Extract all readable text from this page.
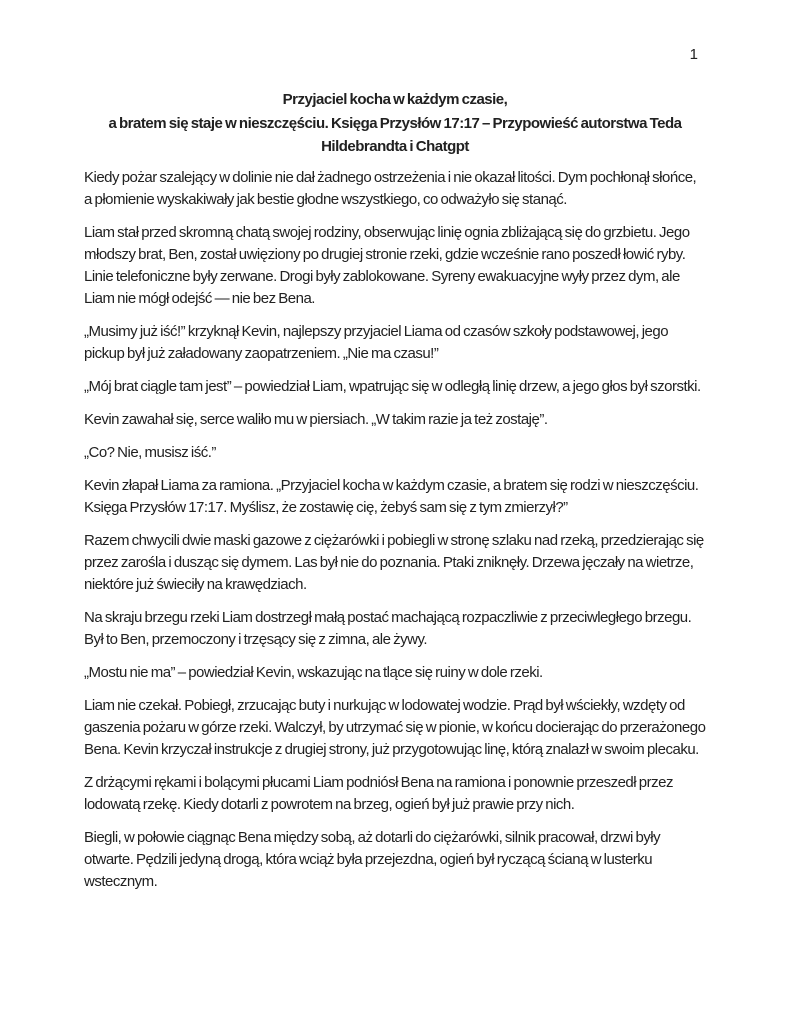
1
Przyjaciel kocha w każdym czasie,
a bratem się staje w nieszczęściu. Księga Przysłów 17:17 – Przypowieść autorstwa Teda
Hildebrandta i Chatgpt

Kiedy pożar szalejący w dolinie nie dał żadnego ostrzeżenia i nie okazał litości. Dym pochłonął słońce, a płomienie wyskakiwały jak bestie głodne wszystkiego, co odważyło się stanąć.

Liam stał przed skromną chatą swojej rodziny, obserwując linię ognia zbliżającą się do grzbietu. Jego młodszy brat, Ben, został uwięziony po drugiej stronie rzeki, gdzie wcześnie rano poszedł łowić ryby. Linie telefoniczne były zerwane. Drogi były zablokowane. Syreny ewakuacyjne wyły przez dym, ale Liam nie mógł odejść — nie bez Bena.

„Musimy już iść!” krzyknął Kevin, najlepszy przyjaciel Liama od czasów szkoły podstawowej, jego pickup był już załadowany zaopatrzeniem. „Nie ma czasu!”

„Mój brat ciągle tam jest” – powiedział Liam, wpatrując się w odległą linię drzew, a jego głos był szorstki.

Kevin zawahał się, serce waliło mu w piersiach. „W takim razie ja też zostaję”.

„Co? Nie, musisz iść.”

Kevin złapał Liama za ramiona. „Przyjaciel kocha w każdym czasie, a bratem się rodzi w nieszczęściu. Księga Przysłów 17:17. Myślisz, że zostawię cię, żebyś sam się z tym zmierzył?”

Razem chwycili dwie maski gazowe z ciężarówki i pobiegli w stronę szlaku nad rzeką, przedzierając się przez zarośla i dusząc się dymem. Las był nie do poznania. Ptaki zniknęły. Drzewa jęczały na wietrze, niektóre już świeciły na krawędziach.

Na skraju brzegu rzeki Liam dostrzegł małą postać machającą rozpaczliwie z przeciwległego brzegu. Był to Ben, przemoczony i trzęsący się z zimna, ale żywy.

„Mostu nie ma” – powiedział Kevin, wskazując na tlące się ruiny w dole rzeki.

Liam nie czekał. Pobiegł, zrzucając buty i nurkując w lodowatej wodzie. Prąd był wściekły, wzdęty od gaszenia pożaru w górze rzeki. Walczył, by utrzymać się w pionie, w końcu docierając do przerażonego Bena. Kevin krzyczał instrukcje z drugiej strony, już przygotowując linę, którą znalazł w swoim plecaku.

Z drżącymi rękami i bolącymi płucami Liam podniósł Bena na ramiona i ponownie przeszedł przez lodowatą rzekę. Kiedy dotarli z powrotem na brzeg, ogień był już prawie przy nich.

Biegli, w połowie ciągnąc Bena między sobą, aż dotarli do ciężarówki, silnik pracował, drzwi były otwarte. Pędzili jedyną drogą, która wciąż była przejezdna, ogień był ryczącą ścianą w lusterku wstecznym.
